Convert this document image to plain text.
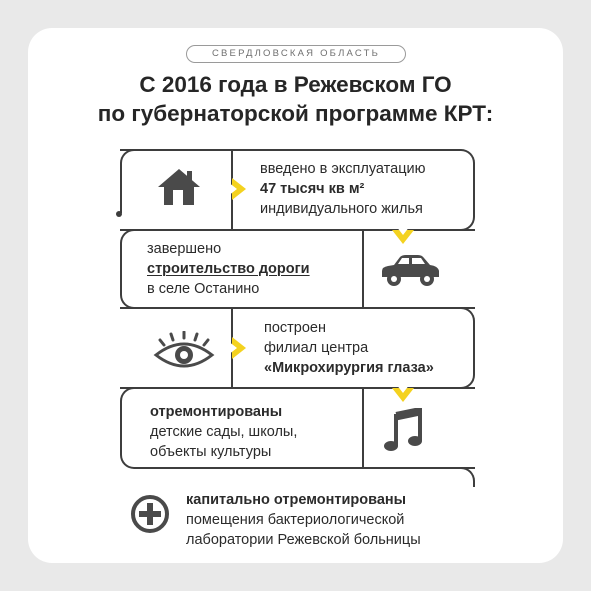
СВЕРДЛОВСКАЯ ОБЛАСТЬ
С 2016 года в Режевском ГО
по губернаторской программе КРТ:
введено в эксплуатацию
47 тысяч кв м²
индивидуального жилья
завершено
строительство дороги
в селе Останино
построен
филиал центра
«Микрохирургия глаза»
отремонтированы
детские сады, школы,
объекты культуры
капитально отремонтированы
помещения бактериологической
лаборатории Режевской больницы
